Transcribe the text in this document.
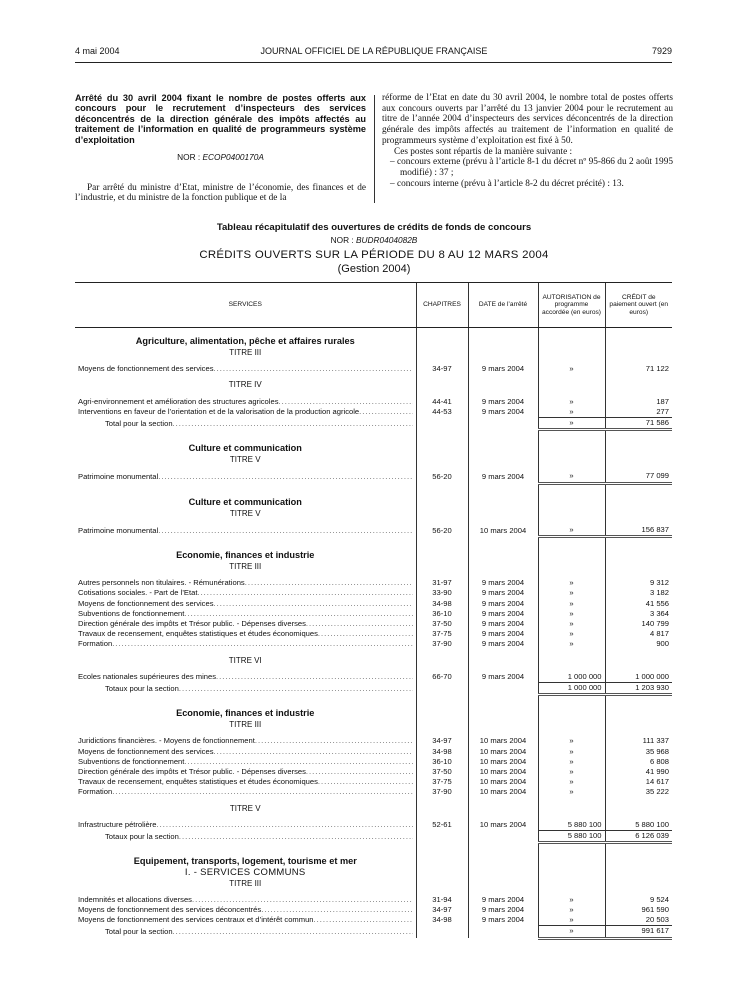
4 mai 2004	JOURNAL OFFICIEL DE LA RÉPUBLIQUE FRANÇAISE	7929
Arrêté du 30 avril 2004 fixant le nombre de postes offerts aux concours pour le recrutement d’inspecteurs des services déconcentrés de la direction générale des impôts affectés au traitement de l’information en qualité de programmeurs système d’exploitation
NOR : ECOP0400170A
Par arrêté du ministre d’Etat, ministre de l’économie, des finances et de l’industrie, et du ministre de la fonction publique et de la
réforme de l’Etat en date du 30 avril 2004, le nombre total de postes offerts aux concours ouverts par l’arrêté du 13 janvier 2004 pour le recrutement au titre de l’année 2004 d’inspecteurs des services déconcentrés de la direction générale des impôts affectés au traitement de l’information en qualité de programmeurs système d’exploitation est fixé à 50.
Ces postes sont répartis de la manière suivante :
– concours externe (prévu à l’article 8-1 du décret nº 95-866 du 2 août 1995 modifié) : 37 ;
– concours interne (prévu à l’article 8-2 du décret précité) : 13.
Tableau récapitulatif des ouvertures de crédits de fonds de concours
NOR : BUDR0404082B
CRÉDITS OUVERTS SUR LA PÉRIODE DU 8 AU 12 MARS 2004
(Gestion 2004)
SERVICES	CHAPITRES	DATE de l’arrêté	AUTORISATION de programme accordée (en euros)	CRÉDIT de paiement ouvert (en euros)

Agriculture, alimentation, pêche et affaires rurales				
TITRE III				

Moyens de fonctionnement des services
.....	34-97	9 mars 2004	»	71 122

TITRE IV				

Agri-environnement et amélioration des structures agricoles
.....	44-41	9 mars 2004	»	187

Interventions en faveur de l’orientation et de la valorisation de la production agricole
.....	44-53	9 mars 2004	»	277

Total pour la section
.....			»	71 586

Culture et communication				
TITRE V				

Patrimoine monumental
.....	56-20	9 mars 2004	»	77 099

Culture et communication				
TITRE V				

Patrimoine monumental
.....	56-20	10 mars 2004	»	156 837

Economie, finances et industrie				
TITRE III				

Autres personnels non titulaires. - Rémunérations
.....	31-97	9 mars 2004	»	9 312

Cotisations sociales. - Part de l’Etat
.....	33-90	9 mars 2004	»	3 182

Moyens de fonctionnement des services
.....	34-98	9 mars 2004	»	41 556

Subventions de fonctionnement
.....	36-10	9 mars 2004	»	3 364

Direction générale des impôts et Trésor public. - Dépenses diverses
.....	37-50	9 mars 2004	»	140 799

Travaux de recensement, enquêtes statistiques et études économiques
.....	37-75	9 mars 2004	»	4 817

Formation
.....	37-90	9 mars 2004	»	900

TITRE VI				

Ecoles nationales supérieures des mines
.....	66-70	9 mars 2004	1 000 000	1 000 000

Totaux pour la section
.....			1 000 000	1 203 930

Economie, finances et industrie				
TITRE III				

Juridictions financières. - Moyens de fonctionnement
.....	34-97	10 mars 2004	»	111 337

Moyens de fonctionnement des services
.....	34-98	10 mars 2004	»	35 968

Subventions de fonctionnement
.....	36-10	10 mars 2004	»	6 808

Direction générale des impôts et Trésor public. - Dépenses diverses
.....	37-50	10 mars 2004	»	41 990

Travaux de recensement, enquêtes statistiques et études économiques
.....	37-75	10 mars 2004	»	14 617

Formation
.....	37-90	10 mars 2004	»	35 222

TITRE V				

Infrastructure pétrolière
.....	52-61	10 mars 2004	5 880 100	5 880 100

Totaux pour la section
.....			5 880 100	6 126 039

Equipement, transports, logement, tourisme et mer				
I. - SERVICES COMMUNS				
TITRE III				

Indemnités et allocations diverses
.....	31-94	9 mars 2004	»	9 524

Moyens de fonctionnement des services déconcentrés
.....	34-97	9 mars 2004	»	961 590

Moyens de fonctionnement des services centraux et d’intérêt commun
.....	34-98	9 mars 2004	»	20 503

Total pour la section
.....			»	991 617
